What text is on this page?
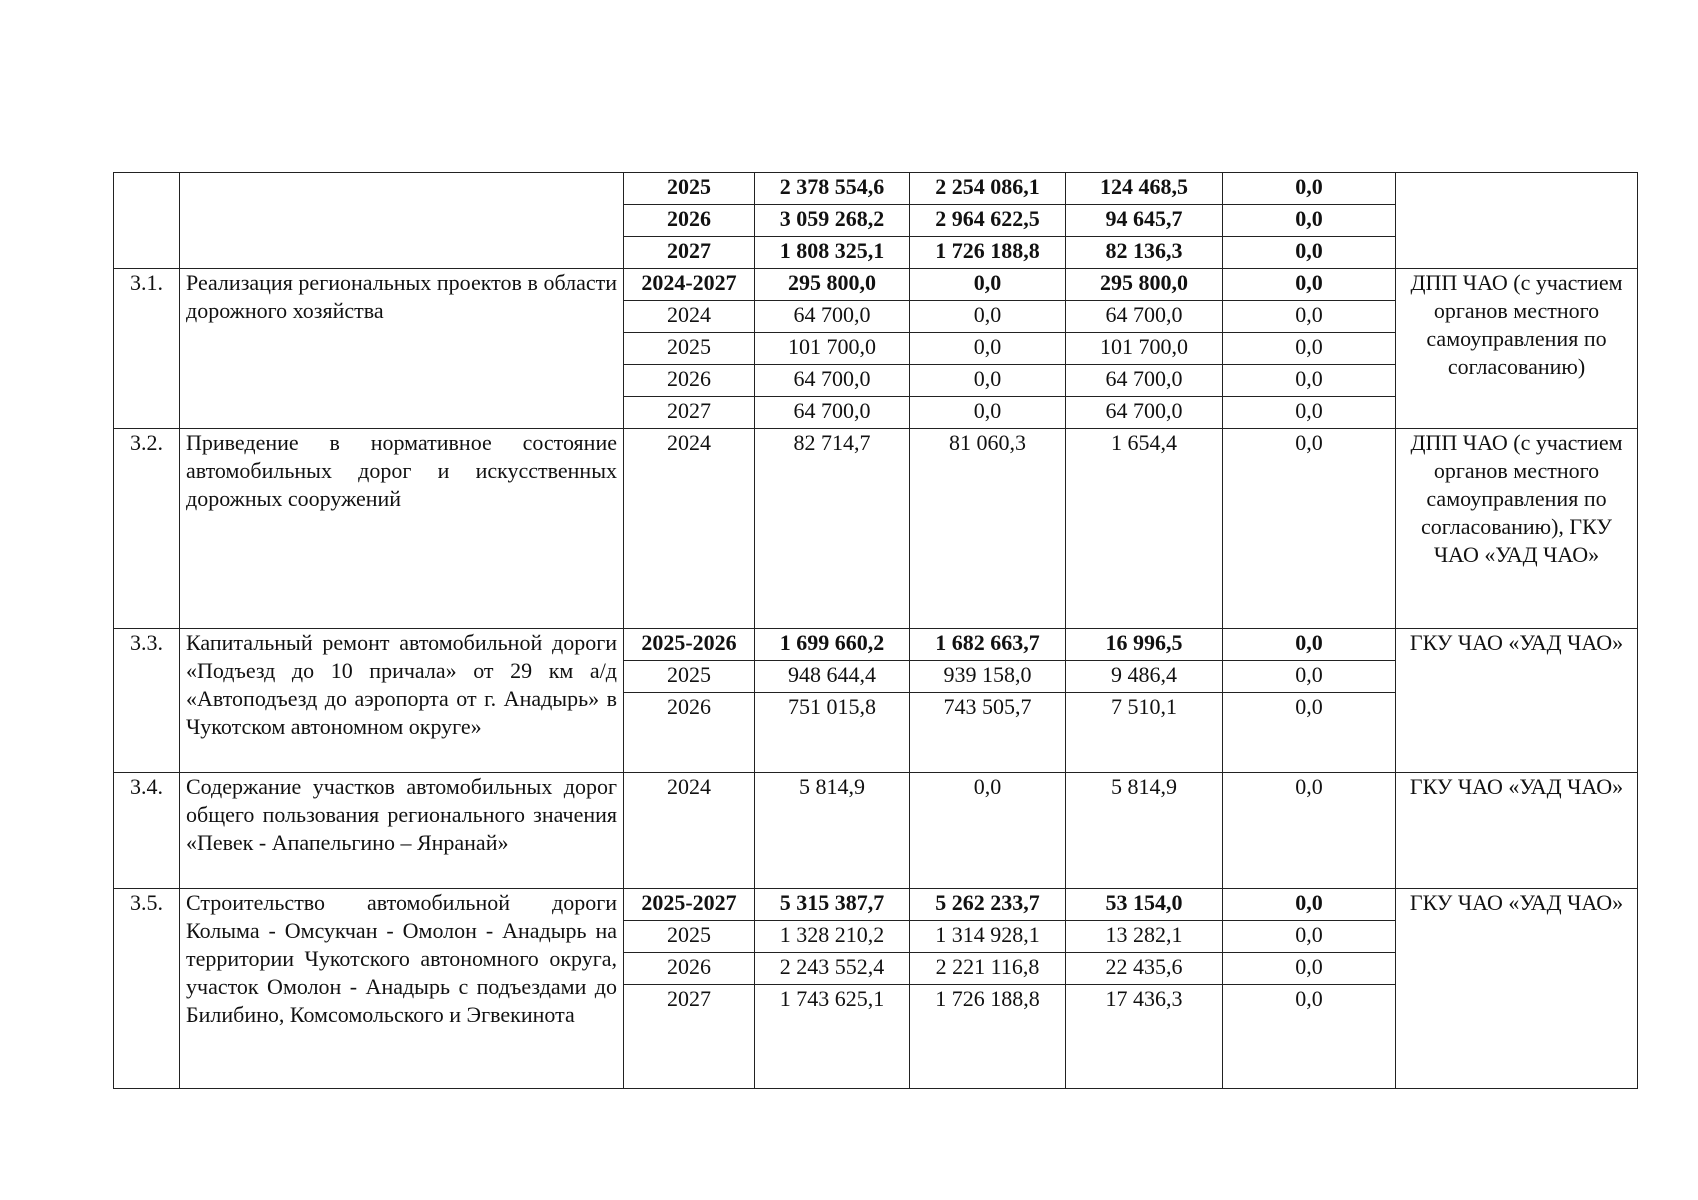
		2025	2 378 554,6	2 254 086,1	124 468,5	0,0	
		2026	3 059 268,2	2 964 622,5	94 645,7	0,0	
		2027	1 808 325,1	1 726 188,8	82 136,3	0,0	
3.1.	Реализация региональных проектов в области дорожного хозяйства	2024-2027	295 800,0	0,0	295 800,0	0,0	ДПП ЧАО (с участием органов местного самоуправления по согласованию)
		2024	64 700,0	0,0	64 700,0	0,0	
		2025	101 700,0	0,0	101 700,0	0,0	
		2026	64 700,0	0,0	64 700,0	0,0	
		2027	64 700,0	0,0	64 700,0	0,0	
3.2.	Приведение в нормативное состояние автомобильных дорог и искусственных дорожных сооружений	2024	82 714,7	81 060,3	1 654,4	0,0	ДПП ЧАО (с участием органов местного самоуправления по согласованию), ГКУ ЧАО «УАД ЧАО»
3.3.	Капитальный ремонт автомобильной дороги «Подъезд до 10 причала» от 29 км а/д «Автоподъезд до аэропорта от г. Анадырь» в Чукотском автономном округе»	2025-2026	1 699 660,2	1 682 663,7	16 996,5	0,0	ГКУ ЧАО «УАД ЧАО»
		2025	948 644,4	939 158,0	9 486,4	0,0	
		2026	751 015,8	743 505,7	7 510,1	0,0	
3.4.	Содержание участков автомобильных дорог общего пользования регионального значения «Певек - Апапельгино – Янранай»	2024	5 814,9	0,0	5 814,9	0,0	ГКУ ЧАО «УАД ЧАО»
3.5.	Строительство автомобильной дороги Колыма - Омсукчан - Омолон - Анадырь на территории Чукотского автономного округа, участок Омолон - Анадырь с подъездами до Билибино, Комсомольского и Эгвекинота	2025-2027	5 315 387,7	5 262 233,7	53 154,0	0,0	ГКУ ЧАО «УАД ЧАО»
		2025	1 328 210,2	1 314 928,1	13 282,1	0,0	
		2026	2 243 552,4	2 221 116,8	22 435,6	0,0	
		2027	1 743 625,1	1 726 188,8	17 436,3	0,0	
